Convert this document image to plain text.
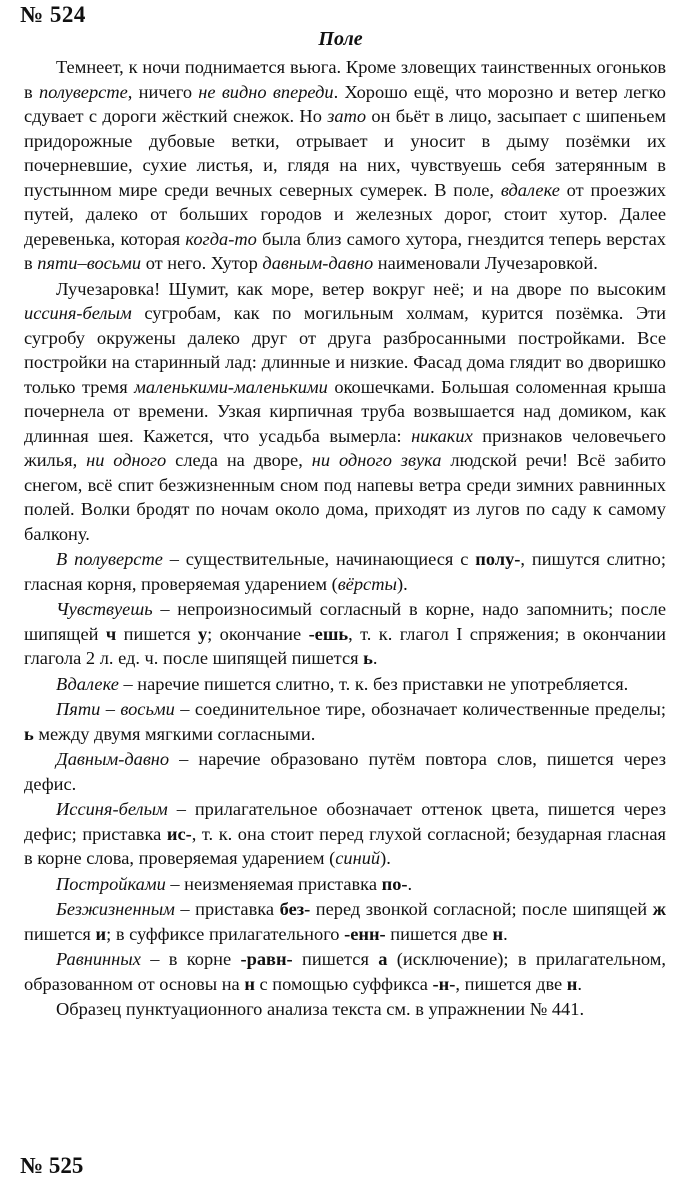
№ 524
Поле

Темнеет, к ночи поднимается вьюга. Кроме зловещих таинственных огоньков в полуверсте, ничего не видно впереди. Хорошо ещё, что морозно и ветер легко сдувает с дороги жёсткий снежок. Но зато он бьёт в лицо, засыпает с шипеньем придорожные дубовые ветки, отрывает и уносит в дыму позёмки их почерневшие, сухие листья, и, глядя на них, чувствуешь себя затерянным в пустынном мире среди вечных северных сумерек. В поле, вдалеке от проезжих путей, далеко от больших городов и железных дорог, стоит хутор. Далее деревенька, которая когда-то была близ самого хутора, гнездится теперь верстах в пяти–восьми от него. Хутор давным-давно наименовали Лучезаровкой.

Лучезаровка! Шумит, как море, ветер вокруг неё; и на дворе по высоким иссиня-белым сугробам, как по могильным холмам, курится позёмка. Эти сугробу окружены далеко друг от друга разбросанными постройками. Все постройки на старинный лад: длинные и низкие. Фасад дома глядит во дворишко только тремя маленькими-маленькими окошечками. Большая соломенная крыша почернела от времени. Узкая кирпичная труба возвышается над домиком, как длинная шея. Кажется, что усадьба вымерла: никаких признаков человечьего жилья, ни одного следа на дворе, ни одного звука людской речи! Всё забито снегом, всё спит безжизненным сном под напевы ветра среди зимних равнинных полей. Волки бродят по ночам около дома, приходят из лугов по саду к самому балкону.

В полуверсте – существительные, начинающиеся с полу-, пишутся слитно; гласная корня, проверяемая ударением (вёрсты).

Чувствуешь – непроизносимый согласный в корне, надо запомнить; после шипящей ч пишется у; окончание -ешь, т. к. глагол I спряжения; в окончании глагола 2 л. ед. ч. после шипящей пишется ь.

Вдалеке – наречие пишется слитно, т. к. без приставки не употребляется.

Пяти – восьми – соединительное тире, обозначает количественные пределы; ь между двумя мягкими согласными.

Давным-давно – наречие образовано путём повтора слов, пишется через дефис.

Иссиня-белым – прилагательное обозначает оттенок цвета, пишется через дефис; приставка ис-, т. к. она стоит перед глухой согласной; безударная гласная в корне слова, проверяемая ударением (синий).

Постройками – неизменяемая приставка по-.

Безжизненным – приставка без- перед звонкой согласной; после шипящей ж пишется и; в суффиксе прилагательного -енн- пишется две н.

Равнинных – в корне -равн- пишется а (исключение); в прилагательном, образованном от основы на н с помощью суффикса -н-, пишется две н.

Образец пунктуационного анализа текста см. в упражнении № 441.

№ 525
